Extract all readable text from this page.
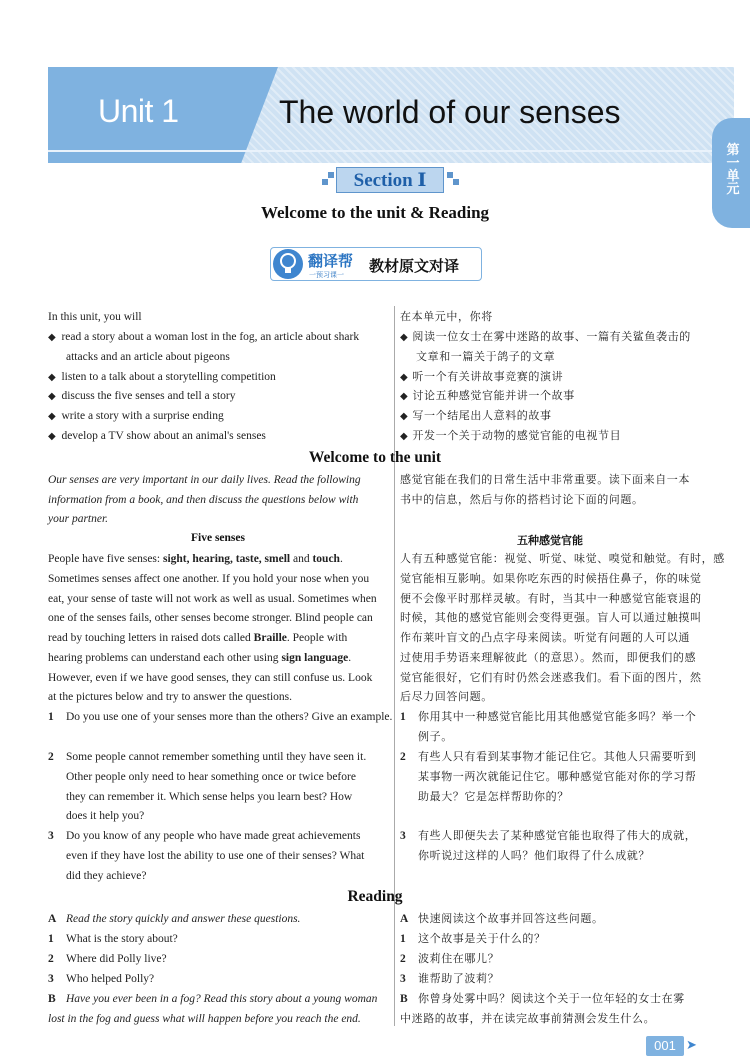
Unit 1	The world of our senses
第一单元
Section Ⅰ
Welcome to the unit & Reading
翻译帮
一预习课一 教材原文对译
In this unit, you will	在本单元中，你将
◆ read a story about a woman lost in the fog, an article about shark
attacks and an article about pigeons
◆ listen to a talk about a storytelling competition
◆ discuss the five senses and tell a story
◆ write a story with a surprise ending
◆ develop a TV show about an animal's senses
◆ 阅读一位女士在雾中迷路的故事、一篇有关鲨鱼袭击的
文章和一篇关于鸽子的文章
◆ 听一个有关讲故事竞赛的演讲
◆ 讨论五种感觉官能并讲一个故事
◆ 写一个结尾出人意料的故事
◆ 开发一个关于动物的感觉官能的电视节目
Welcome to the unit
Our senses are very important in our daily lives. Read the following
information from a book, and then discuss the questions below with
your partner.
感觉官能在我们的日常生活中非常重要。读下面来自一本
书中的信息，然后与你的搭档讨论下面的问题。
Five senses	五种感觉官能
People have five senses: sight, hearing, taste, smell and touch.
Sometimes senses affect one another. If you hold your nose when you
eat, your sense of taste will not work as well as usual. Sometimes when
one of the senses fails, other senses become stronger. Blind people can
read by touching letters in raised dots called Braille. People with
hearing problems can understand each other using sign language.
However, even if we have good senses, they can still confuse us. Look
at the pictures below and try to answer the questions.
人有五种感觉官能：视觉、听觉、味觉、嗅觉和触觉。有时，感
觉官能相互影响。如果你吃东西的时候捂住鼻子，你的味觉
便不会像平时那样灵敏。有时，当其中一种感觉官能衰退的
时候，其他的感觉官能则会变得更强。盲人可以通过触摸叫
作布莱叶盲文的凸点字母来阅读。听觉有问题的人可以通
过使用手势语来理解彼此（的意思）。然而，即便我们的感
觉官能很好，它们有时仍然会迷惑我们。看下面的图片，然
后尽力回答问题。
1 Do you use one of your senses more than the others? Give an example. 1 你用其中一种感觉官能比用其他感觉官能多吗？举一个
例子。
2 Some people cannot remember something until they have seen it.
Other people only need to hear something once or twice before
they can remember it. Which sense helps you learn best? How
does it help you?
2 有些人只有看到某事物才能记住它。其他人只需要听到
某事物一两次就能记住它。哪种感觉官能对你的学习帮
助最大？它是怎样帮助你的？
3 Do you know of any people who have made great achievements
even if they have lost the ability to use one of their senses? What
did they achieve?
3 有些人即便失去了某种感觉官能也取得了伟大的成就，
你听说过这样的人吗？他们取得了什么成就？
Reading
A Read the story quickly and answer these questions.	A 快速阅读这个故事并回答这些问题。
1 What is the story about?	1 这个故事是关于什么的？
2 Where did Polly live?	2 波莉住在哪儿？
3 Who helped Polly?	3 谁帮助了波莉？
B Have you ever been in a fog? Read this story about a young woman
lost in the fog and guess what will happen before you reach the end.
B 你曾身处雾中吗？阅读这个关于一位年轻的女士在雾
中迷路的故事，并在读完故事前猜测会发生什么。
001 ➤
